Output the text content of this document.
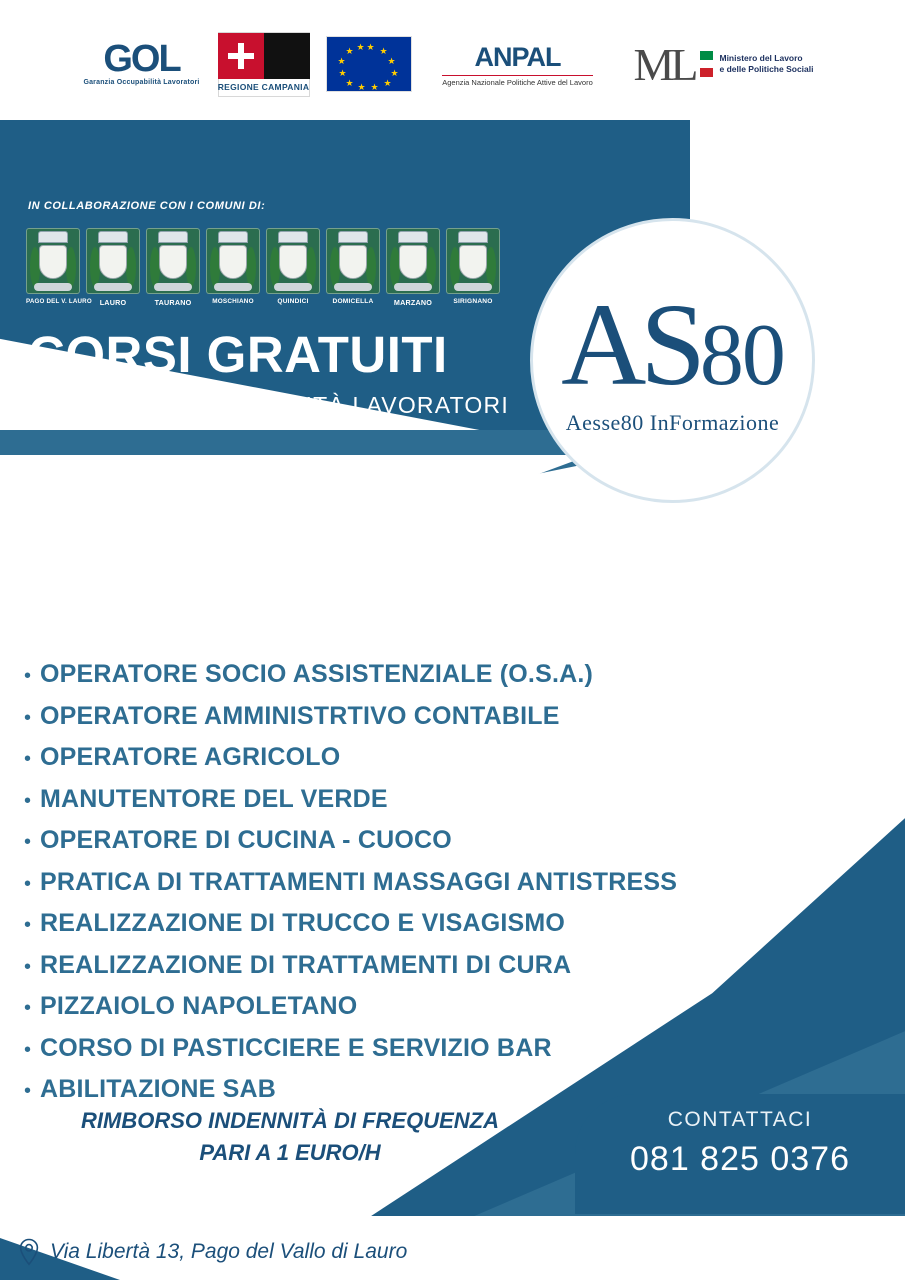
CONTATTACI
081 825 0376
GOL
Garanzia Occupabilità Lavoratori REGIONE CAMPANIA
★ ★
★
★
★
★
★
★
★
★
★ ★	ANPAL
Agenzia Nazionale Politiche Attive del Lavoro ML	Ministero del Lavoro
e delle Politiche Sociali
IN COLLABORAZIONE CON I COMUNI DI:
PAGO DEL V. LAURO	LAURO	TAURANO	MOSCHIANO	QUINDICI	DOMICELLA	MARZANO	SIRIGNANO
CORSI GRATUITI
GARANZIA OCCUPABILITÀ LAVORATORI AS80
Aesse80 InFormazione
• OPERATORE SOCIO ASSISTENZIALE (O.S.A.)
• OPERATORE AMMINISTRTIVO CONTABILE
• OPERATORE AGRICOLO
• MANUTENTORE DEL VERDE
• OPERATORE DI CUCINA - CUOCO
• PRATICA DI TRATTAMENTI MASSAGGI ANTISTRESS
• REALIZZAZIONE DI TRUCCO E VISAGISMO
• REALIZZAZIONE DI TRATTAMENTI DI CURA
• PIZZAIOLO NAPOLETANO
• CORSO DI PASTICCIERE E SERVIZIO BAR
• ABILITAZIONE SAB
RIMBORSO INDENNITÀ DI FREQUENZA
PARI A 1 EURO/H
Via Libertà 13, Pago del Vallo di Lauro
